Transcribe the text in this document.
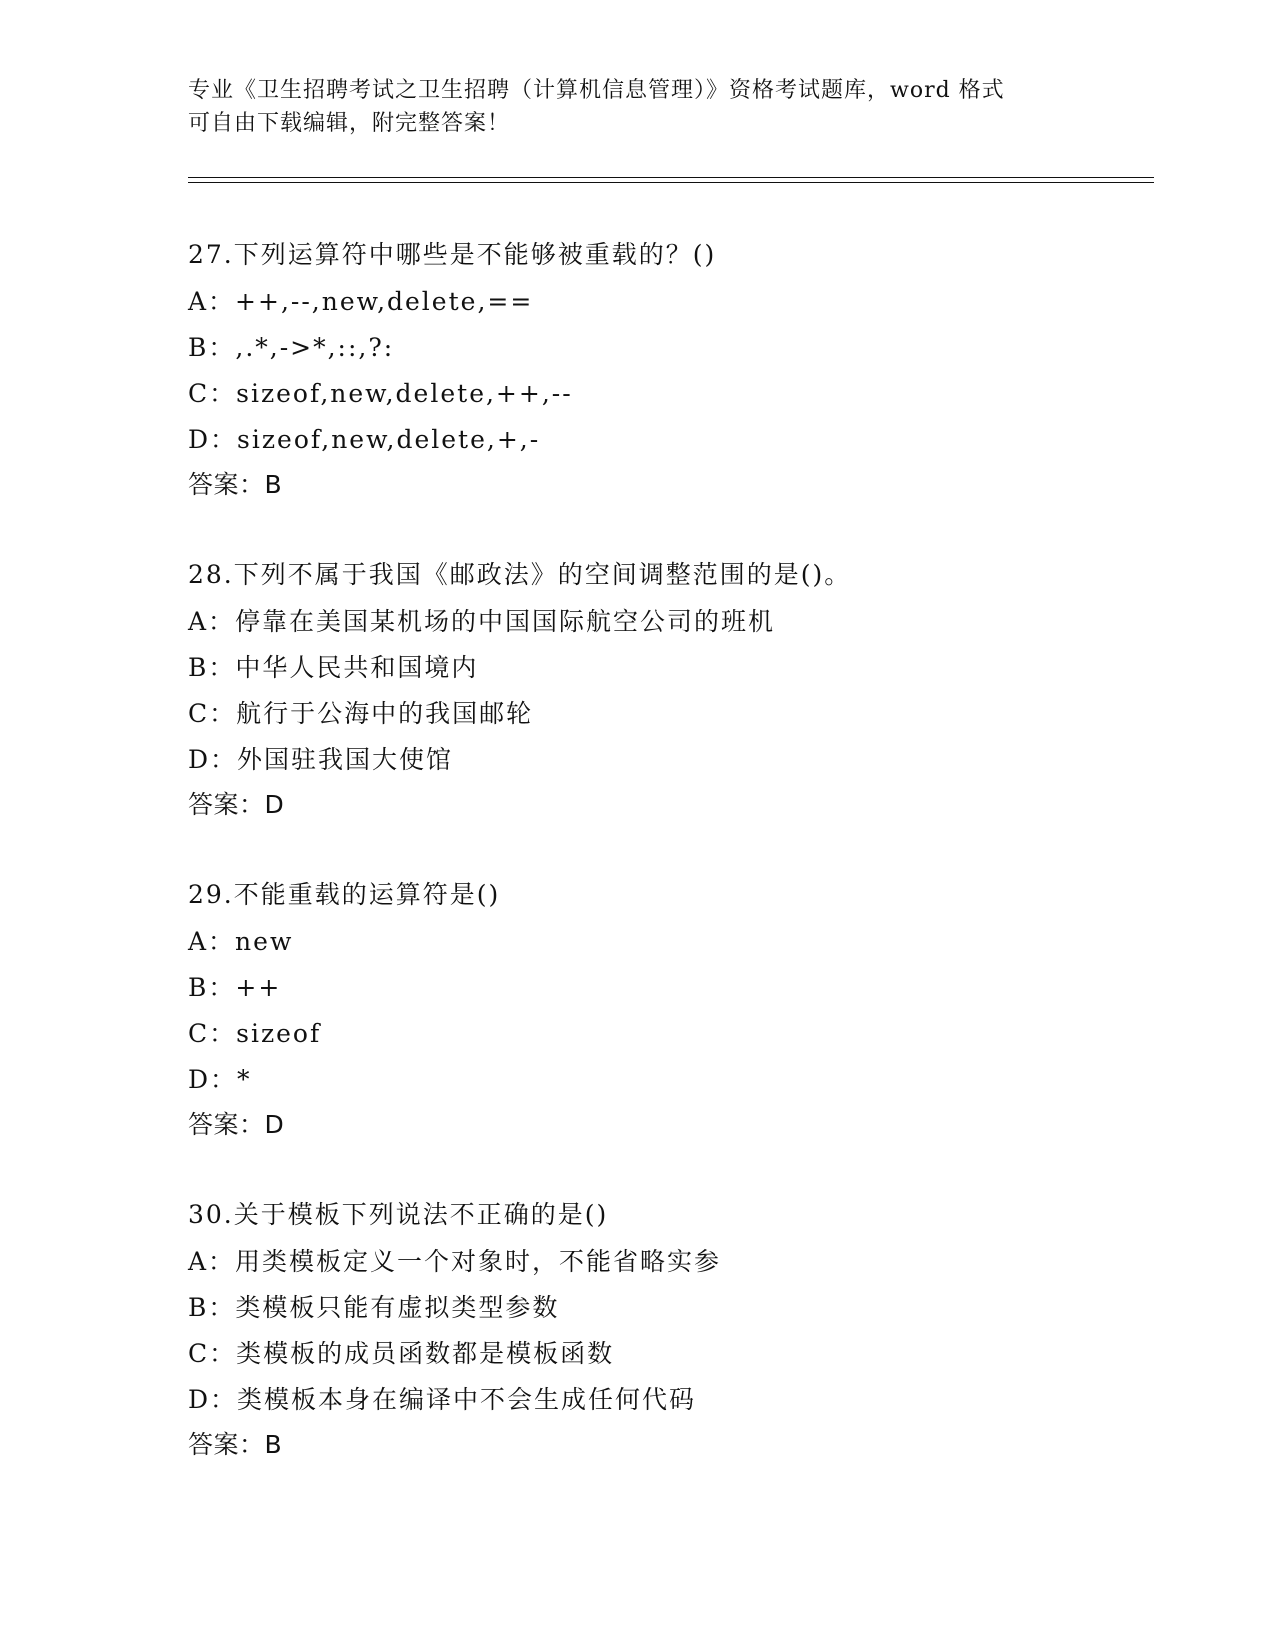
专业《卫生招聘考试之卫生招聘（计算机信息管理）》资格考试题库，word 格式
可自由下载编辑，附完整答案！
27.下列运算符中哪些是不能够被重载的？()
A：++,--,new,delete,==
B：,.*,->*,::,?:
C：sizeof,new,delete,++,--
D：sizeof,new,delete,+,-
答案：B
28.下列不属于我国《邮政法》的空间调整范围的是()。
A：停靠在美国某机场的中国国际航空公司的班机
B：中华人民共和国境内
C：航行于公海中的我国邮轮
D：外国驻我国大使馆
答案：D
29.不能重载的运算符是()
A：new
B：++
C：sizeof
D：*
答案：D
30.关于模板下列说法不正确的是()
A：用类模板定义一个对象时，不能省略实参
B：类模板只能有虚拟类型参数
C：类模板的成员函数都是模板函数
D：类模板本身在编译中不会生成任何代码
答案：B
